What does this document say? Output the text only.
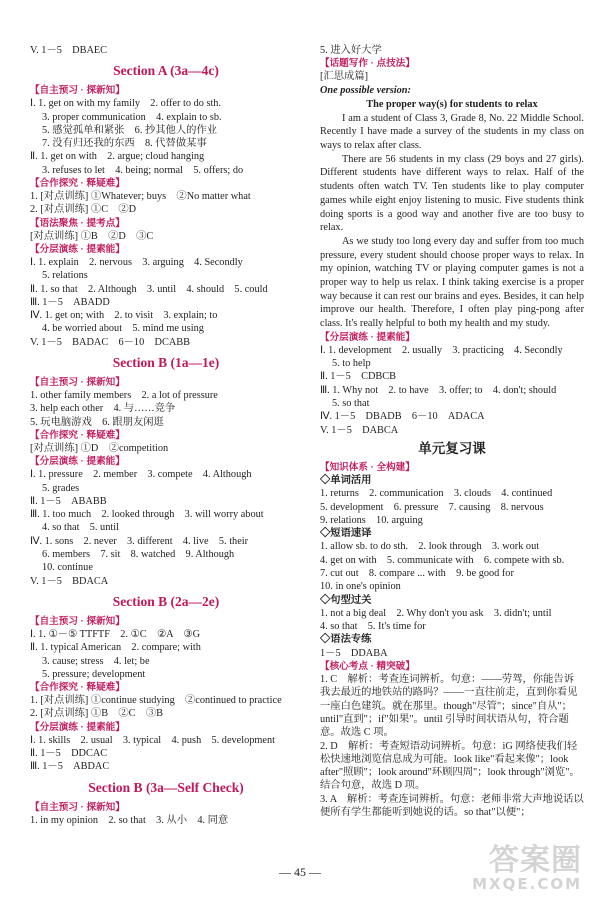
V. 1－5　DBAEC
Section A (3a—4c)
【自主预习 · 探新知】
Ⅰ. 1. get on with my family　2. offer to do sth.
3. proper communication　4. explain to sb.
5. 感觉孤单和紧张　6. 抄其他人的作业
7. 没有归还我的东西　8. 代替做某事
Ⅱ. 1. get on with　2. argue; cloud hanging
3. refuses to let　4. being; normal　5. offers; do
【合作探究 · 释疑难】
1. [对点训练] ①Whatever; buys　②No matter what
2. [对点训练] ①C　②D
【语法聚焦 · 提考点】
[对点训练] ①B　②D　③C
【分层演练 · 提素能】
Ⅰ. 1. explain　2. nervous　3. arguing　4. Secondly
5. relations
Ⅱ. 1. so that　2. Although　3. until　4. should　5. could
Ⅲ. 1－5　ABADD
Ⅳ. 1. get on; with　2. to visit　3. explain; to
4. be worried about　5. mind me using
V. 1－5　BADAC　6－10　DCABB
Section B (1a—1e)
【自主预习 · 探新知】
1. other family members　2. a lot of pressure
3. help each other　4. 与……竞争
5. 玩电脑游戏　6. 跟朋友闲逛
【合作探究 · 释疑难】
[对点训练] ①D　②competition
【分层演练 · 提素能】
Ⅰ. 1. pressure　2. member　3. compete　4. Although
5. grades
Ⅱ. 1－5　ABABB
Ⅲ. 1. too much　2. looked through　3. will worry about
4. so that　5. until
Ⅳ. 1. sons　2. never　3. different　4. live　5. their
6. members　7. sit　8. watched　9. Although
10. continue
V. 1－5　BDACA
Section B (2a—2e)
【自主预习 · 探新知】
Ⅰ. 1. ①－⑤ TTFTF　2. ①C　②A　③G
Ⅱ. 1. typical American　2. compare; with
3. cause; stress　4. let; be
5. pressure; development
【合作探究 · 释疑难】
1. [对点训练] ①continue studying　②continued to practice
2. [对点训练] ①B　②C　③B
【分层演练 · 提素能】
Ⅰ. 1. skills　2. usual　3. typical　4. push　5. development
Ⅱ. 1－5　DDCAC
Ⅲ. 1－5　ABDAC
Section B (3a—Self Check)
【自主预习 · 探新知】
1. in my opinion　2. so that　3. 从小　4. 同意
5. 进入好大学
【话题写作 · 点技法】
[汇思成篇]
One possible version:
The proper way(s) for students to relax

I am a student of Class 3, Grade 8, No. 22 Middle School. Recently I have made a survey of the students in my class on ways to relax after class.

There are 56 students in my class (29 boys and 27 girls). Different students have different ways to relax. Half of the students often watch TV. Ten students like to play computer games while eight enjoy listening to music. Five students think doing sports is a good way and another five are too busy to relax.

As we study too long every day and suffer from too much pressure, every student should choose proper ways to relax. In my opinion, watching TV or playing computer games is not a proper way to help us relax. I think taking exercise is a proper way because it can rest our brains and eyes. Besides, it can help improve our health. Therefore, I often play ping-pong after class. It's really helpful to both my health and my study.

【分层演练 · 提素能】
Ⅰ. 1. development　2. usually　3. practicing　4. Secondly
5. to help
Ⅱ. 1－5　CDBCB
Ⅲ. 1. Why not　2. to have　3. offer; to　4. don't; should
5. so that
Ⅳ. 1－5　DBADB　6－10　ADACA
V. 1－5　DABCA
单元复习课
【知识体系 · 全构建】
◇单词活用
1. returns　2. communication　3. clouds　4. continued
5. development　6. pressure　7. causing　8. nervous
9. relations　10. arguing
◇短语速译
1. allow sb. to do sth.　2. look through　3. work out
4. get on with　5. communicate with　6. compete with sb.
7. cut out　8. compare ... with　9. be good for
10. in one's opinion
◇句型过关
1. not a big deal　2. Why don't you ask　3. didn't; until
4. so that　5. It's time for
◇语法专练
1－5　DDABA
【核心考点 · 精突破】
1. C　解析：考查连词辨析。句意：——劳驾，你能告诉我去最近的地铁站的路吗？——一直往前走，直到你看见一座白色建筑。就在那里。though"尽管"；since"自从"；until"直到"；if"如果"。until 引导时间状语从句，符合题意。故选 C 项。
2. D　解析：考查短语动词辨析。句意：iG 网络使我们轻松快速地浏览信息成为可能。look like"看起来像"；look after"照顾"；look around"环顾四周"；look through"浏览"。结合句意，故选 D 项。
3. A　解析：考查连词辨析。句意：老师非常大声地说话以便所有学生都能听到她说的话。so that"以便"；
— 45 —	答案圈
MXQE.COM
